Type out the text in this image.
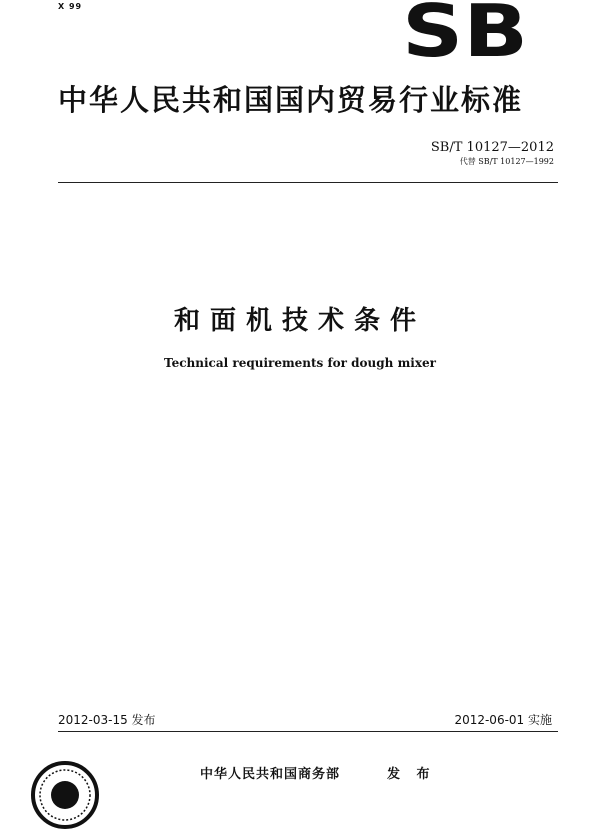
X 99	SB
中华人民共和国国内贸易行业标准
SB/T 10127—2012
代替 SB/T 10127—1992
和面机技术条件
Technical requirements for dough mixer
2012-03-15 发布	2012-06-01 实施
中华人民共和国商务部	发 布
